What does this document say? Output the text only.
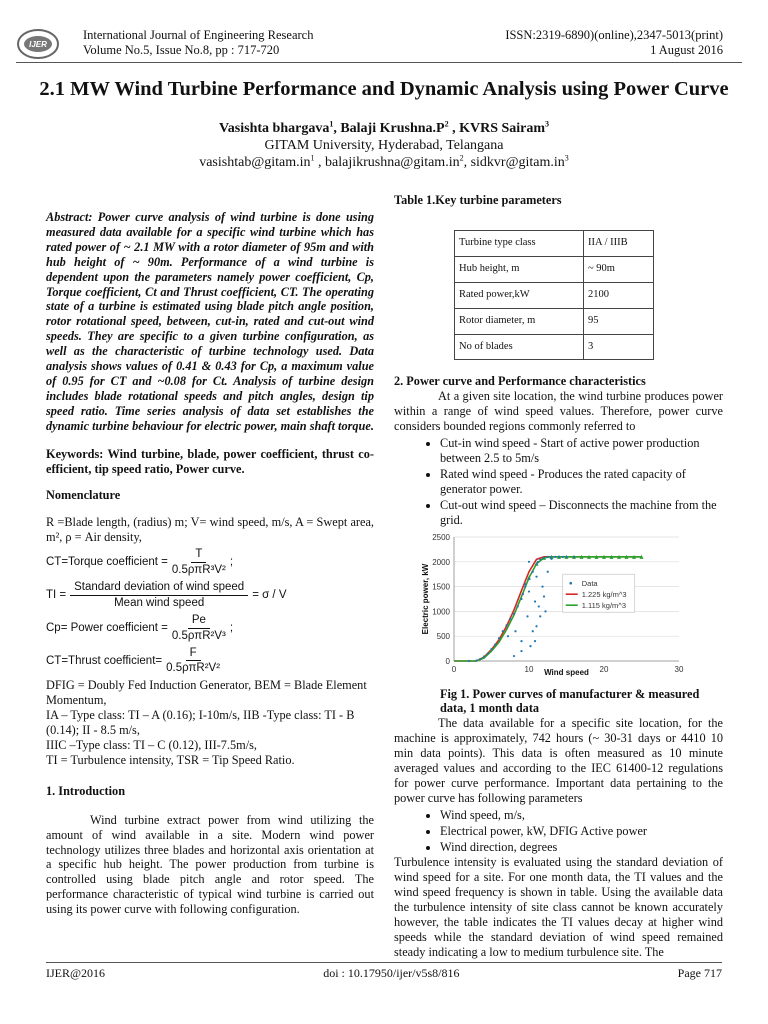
IJER
International Journal of Engineering Research
Volume No.5, Issue No.8, pp : 717-720
ISSN:2319-6890)(online),2347-5013(print)
1 August 2016
2.1 MW Wind Turbine Performance and Dynamic Analysis using Power Curve
Vasishta bhargava$^1$, Balaji $Krushna.P^2$ , KVRS Sairam$^3$
GITAM University, Hyderabad, Telangana
$vasishtab@gitam.in^1$ , $balajikrushna@gitam.in^2$, $sidkvr@gitam.in^3$

Abstract: Power curve analysis of wind turbine is done using measured data available for a specific wind turbine which has rated power of ~ 2.1 MW with a rotor diameter of 95m and with hub height of ~ 90m. Performance of a wind turbine is dependent upon the parameters namely power coefficient, Cp, Torque coefficient, Ct and Thrust coefficient, CT. The operating state of a turbine is estimated using blade pitch angle position, rotor rotational speed, between, cut-in, rated and cut-out wind speeds. They are specific to a given turbine configuration, as well as the characteristic of turbine technology used. Data analysis shows values of 0.41 & 0.43 for Cp, a maximum value of 0.95 for CT and ~0.08 for Ct. Analysis of turbine design includes blade rotational speeds and pitch angles, design tip speed ratio. Time series analysis of data set establishes the dynamic turbine behaviour for electric power, main shaft torque.

Keywords: Wind turbine, blade, power coefficient, thrust co-efficient, tip speed ratio, Power curve.

Nomenclature

R =Blade length, (radius) m; V= wind speed, m/s, A = Swept area, m², ρ = Air density,

CT=Torque coefficient = $\frac{T}{\text{0.5ρπR³V²}}$ ;
TI = $\frac{\text{Standard deviation of wind speed}}{\text{Mean wind speed}} = \sigma / V$
Cp= Power coefficient = $\frac{Pe}{\text{0.5ρπR²V³}}$ ;
CT=Thrust coefficient= $\frac{F}{\text{0.5ρπR²V²}}$

DFIG = Doubly Fed Induction Generator, BEM = Blade Element Momentum,

IA – Type class: TI – A (0.16); I-10m/s, IIB -Type class: TI - B (0.14); II - 8.5 m/s,

IIIC –Type class: TI – C (0.12), III-7.5m/s,

TI = Turbulence intensity, TSR = Tip Speed Ratio.

1. Introduction

Wind turbine extract power from wind utilizing the amount of wind available in a site. Modern wind power technology utilizes three blades and horizontal axis orientation at a specific hub height. The power production from turbine is controlled using blade pitch angle and rotor speed. The performance characteristic of typical wind turbine is carried out using its power curve with following configuration.

Table 1.Key turbine parameters

Turbine type class	IIA / IIIB
Hub height, m	~ 90m
Rated power,kW	2100
Rotor diameter, m	95
No of blades	3

2. Power curve and Performance characteristics

At a given site location, the wind turbine produces power within a range of wind speed values. Therefore, power curve considers bounded regions commonly referred to

• Cut-in wind speed - Start of active power production between 2.5 to 5m/s
• Rated wind speed - Produces the rated capacity of generator power.
• Cut-out wind speed – Disconnects the machine from the grid.
0
500
1000
1500
2000
2500
0	10	20	30
Wind speed
Electric power, kW	Data
1.225 kg/m^3
1.115 kg/m^3

Fig 1. Power curves of manufacturer & measured data, 1 month data

The data available for a specific site location, for the machine is approximately, 742 hours (~ 30-31 days or 4410 10 min data points). This data is often measured as 10 minute averaged values and according to the IEC 61400-12 regulations for power curve performance. Important data pertaining to the power curve has following parameters

• Wind speed, m/s,
• Electrical power, kW, DFIG Active power
• Wind direction, degrees

Turbulence intensity is evaluated using the standard deviation of wind speed for a site. For one month data, the TI values and the wind speed frequency is shown in table. Using the available data the turbulence intensity of site class cannot be known accurately however, the table indicates the TI values decay at higher wind speeds while the standard deviation of wind speed remained steady indicating a low to medium turbulence site. The

IJER@2016	doi : 10.17950/ijer/v5s8/816	Page 717
